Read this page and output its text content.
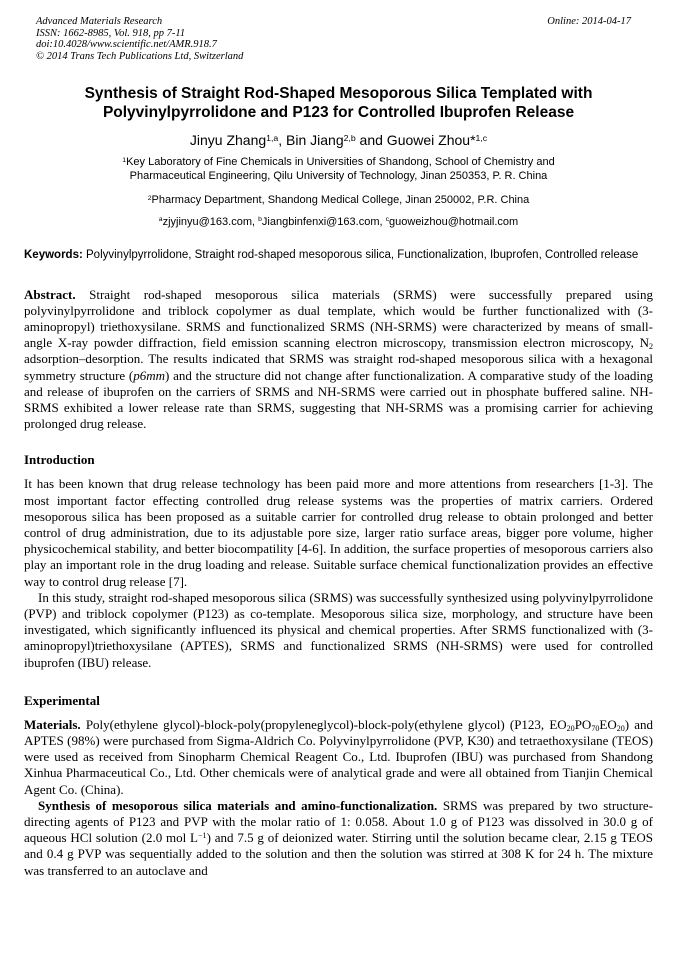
Advanced Materials Research
ISSN: 1662-8985, Vol. 918, pp 7-11
doi:10.4028/www.scientific.net/AMR.918.7
© 2014 Trans Tech Publications Ltd, Switzerland
Online: 2014-04-17
Synthesis of Straight Rod-Shaped Mesoporous Silica Templated with Polyvinylpyrrolidone and P123 for Controlled Ibuprofen Release
Jinyu Zhang$^{1,a}$, Bin Jiang$^{2,b}$ and Guowei Zhou*$^{1,c}$
$^1$Key Laboratory of Fine Chemicals in Universities of Shandong, School of Chemistry and Pharmaceutical Engineering, Qilu University of Technology, Jinan 250353, P. R. China
$^2$Pharmacy Department, Shandong Medical College, Jinan 250002, P.R. China
$^a$zjyjinyu@163.com, $^b$Jiangbinfenxi@163.com, $^c$guoweizhou@hotmail.com

Keywords: Polyvinylpyrrolidone, Straight rod-shaped mesoporous silica, Functionalization, Ibuprofen, Controlled release

Abstract. Straight rod-shaped mesoporous silica materials (SRMS) were successfully prepared using polyvinylpyrrolidone and triblock copolymer as dual template, which would be further functionalized with (3-aminopropyl) triethoxysilane. SRMS and functionalized SRMS (NH-SRMS) were characterized by means of small-angle X-ray powder diffraction, field emission scanning electron microscopy, transmission electron microscopy, $N_2$ adsorption–desorption. The results indicated that SRMS was straight rod-shaped mesoporous silica with a hexagonal symmetry structure (p6mm) and the structure did not change after functionalization. A comparative study of the loading and release of ibuprofen on the carriers of SRMS and NH-SRMS were carried out in phosphate buffered saline. NH-SRMS exhibited a lower release rate than SRMS, suggesting that NH-SRMS was a promising carrier for achieving prolonged drug release.

Introduction

It has been known that drug release technology has been paid more and more attentions from researchers [1-3]. The most important factor effecting controlled drug release systems was the properties of matrix carriers. Ordered mesoporous silica has been proposed as a suitable carrier for controlled drug release to obtain prolonged and better control of drug administration, due to its adjustable pore size, larger ratio surface areas, bigger pore volume, higher physicochemical stability, and better biocompatility [4-6]. In addition, the surface properties of mesoporous carriers also play an important role in the drug loading and release. Suitable surface chemical functionalization provides an effective way to control drug release [7].

In this study, straight rod-shaped mesoporous silica (SRMS) was successfully synthesized using polyvinylpyrrolidone (PVP) and triblock copolymer (P123) as co-template. Mesoporous silica size, morphology, and structure have been investigated, which significantly influenced its physical and chemical properties. After SRMS functionalized with (3-aminopropyl)triethoxysilane (APTES), SRMS and functionalized SRMS (NH-SRMS) were used for controlled ibuprofen (IBU) release.

Experimental

Materials. Poly(ethylene glycol)-block-poly(propyleneglycol)-block-poly(ethylene glycol) (P123, $EO_{20}PO_{70}EO_{20}$) and APTES (98%) were purchased from Sigma-Aldrich Co. Polyvinylpyrrolidone (PVP, K30) and tetraethoxysilane (TEOS) were used as received from Sinopharm Chemical Reagent Co., Ltd. Ibuprofen (IBU) was purchased from Shandong Xinhua Pharmaceutical Co., Ltd. Other chemicals were of analytical grade and were all obtained from Tianjin Chemical Agent Co. (China).

Synthesis of mesoporous silica materials and amino-functionalization. SRMS was prepared by two structure-directing agents of P123 and PVP with the molar ratio of 1: 0.058. About 1.0 g of P123 was dissolved in 30.0 g of aqueous HCl solution (2.0 mol $L^{-1}$) and 7.5 g of deionized water. Stirring until the solution became clear, 2.15 g TEOS and 0.4 g PVP was sequentially added to the solution and then the solution was stirred at 308 K for 24 h. The mixture was transferred to an autoclave and
